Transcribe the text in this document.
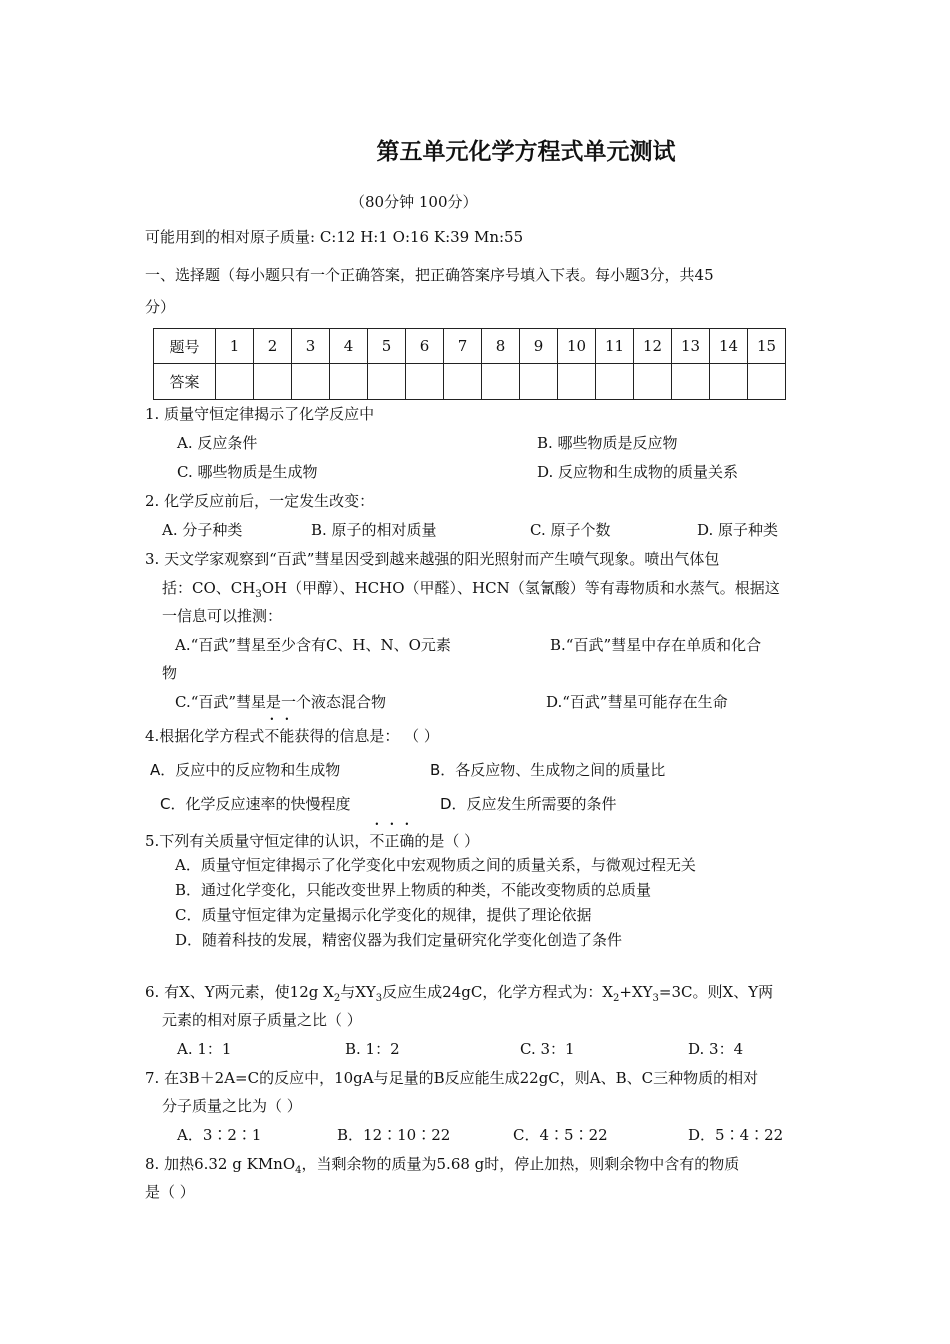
第五单元化学方程式单元测试
（80分钟 100分）
可能用到的相对原子质量: C:12 H:1 O:16 K:39 Mn:55
一、选择题（每小题只有一个正确答案，把正确答案序号填入下表。每小题3分，共45
分）
题号	1	2	3	4	5	6	7	8	9	10	11	12	13	14	15
答案															
1. 质量守恒定律揭示了化学反应中
A. 反应条件	B. 哪些物质是反应物
C. 哪些物质是生成物	D. 反应物和生成物的质量关系
2. 化学反应前后，一定发生改变：
A. 分子种类	B. 原子的相对质量	C. 原子个数	D. 原子种类
3. 天文学家观察到“百武”彗星因受到越来越强的阳光照射而产生喷气现象。喷出气体包
括：CO、$CH_3OH$（甲醇）、HCHO（甲醛）、HCN（氢氰酸）等有毒物质和水蒸气。根据这
一信息可以推测：
A.“百武”彗星至少含有C、H、N、O元素	B.“百武”彗星中存在单质和化合
物
C.“百武”彗星是一个液态混合物	D.“百武”彗星可能存在生命
4.根据化学方程式不能获得的信息是： （ ）
A．反应中的反应物和生成物	B．各反应物、生成物之间的质量比
C．化学反应速率的快慢程度	D．反应发生所需要的条件
5.下列有关质量守恒定律的认识，不正确的是（ ）
A．质量守恒定律揭示了化学变化中宏观物质之间的质量关系，与微观过程无关
B．通过化学变化，只能改变世界上物质的种类，不能改变物质的总质量
C．质量守恒定律为定量揭示化学变化的规律，提供了理论依据
D．随着科技的发展，精密仪器为我们定量研究化学变化创造了条件
6. 有X、Y两元素，使12g $X_2$与$XY_3$反应生成24gC，化学方程式为：$X_2+XY_3=3C$。则X、Y两
元素的相对原子质量之比（ ）
A. 1：1	B. 1：2	C. 3：1	D. 3：4
7. 在3B＋2A=C的反应中，10gA与足量的B反应能生成22gC，则A、B、C三种物质的相对
分子质量之比为（ ）
A．3∶2∶1	B．12∶10∶22	C．4∶5∶22	D．5∶4∶22
8. 加热6.32 g KMnO$_4$，当剩余物的质量为5.68 g时，停止加热，则剩余物中含有的物质
是（ ）
